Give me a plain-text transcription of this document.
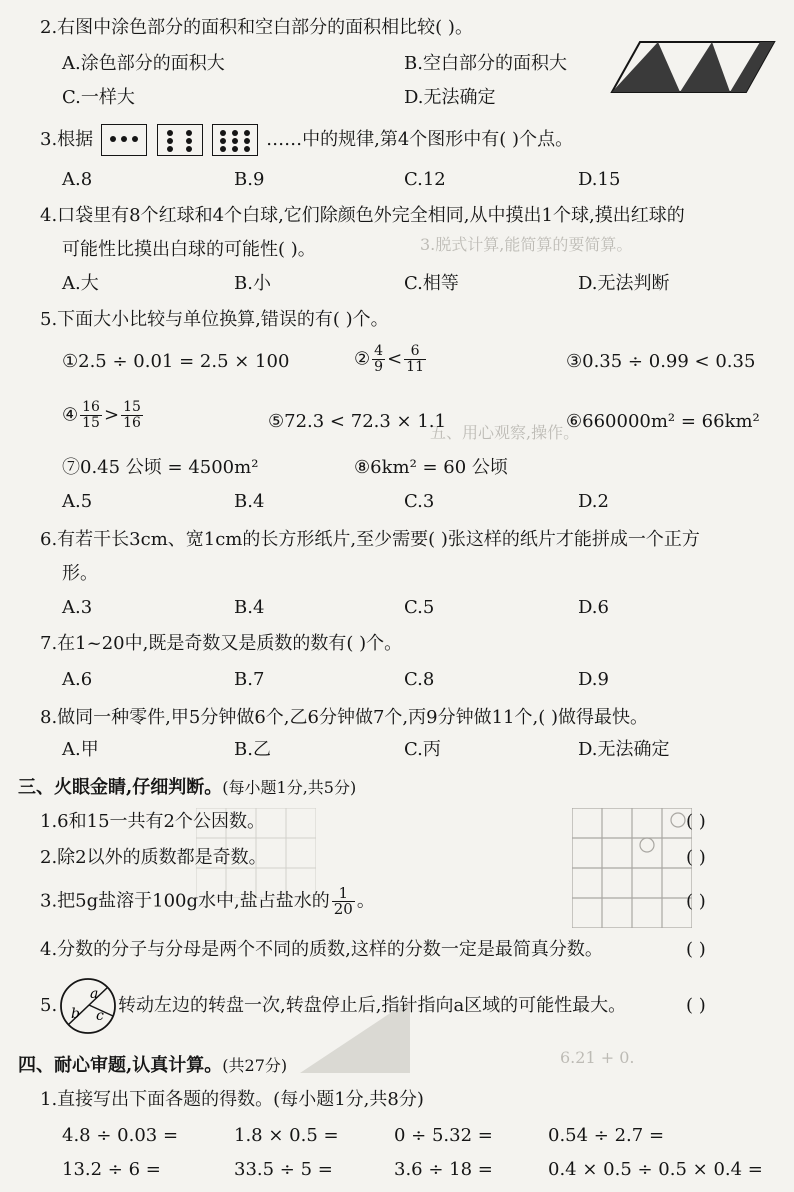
3.脱式计算,能简算的要简算。
五、用心观察,操作。
6.21 + 0.
2.右图中涂色部分的面积和空白部分的面积相比较( )。
A.涂色部分的面积大	B.空白部分的面积大
C.一样大	D.无法确定
3.根据

	……中的规律,第4个图形中有( )个点。
A.8	B.9	C.12	D.15
4.口袋里有8个红球和4个白球,它们除颜色外完全相同,从中摸出1个球,摸出红球的
可能性比摸出白球的可能性( )。
A.大	B.小	C.相等	D.无法判断
5.下面大小比较与单位换算,错误的有( )个。
①2.5 ÷ 0.01 = 2.5 × 100	② $\frac{4}{9} < \frac{6}{11}$	③0.35 ÷ 0.99 < 0.35
④ $\frac{16}{15} > \frac{15}{16}$	⑤72.3 < 72.3 × 1.1	⑥660000m² = 66km²
⑦0.45 公顷 = 4500m²	⑧6km² = 60 公顷
A.5	B.4	C.3	D.2
6.有若干长3cm、宽1cm的长方形纸片,至少需要( )张这样的纸片才能拼成一个正方
形。
A.3	B.4	C.5	D.6
7.在1~20中,既是奇数又是质数的数有( )个。
A.6	B.7	C.8	D.9
8.做同一种零件,甲5分钟做6个,乙6分钟做7个,丙9分钟做11个,( )做得最快。
A.甲	B.乙	C.丙	D.无法确定
三、火眼金睛,仔细判断。(每小题1分,共5分)
1.6和15一共有2个公因数。	( )
2.除2以外的质数都是奇数。	( )
3.把5g盐溶于100g水中,盐占盐水的 $\frac{1}{20}$ 。	( )
4.分数的分子与分母是两个不同的质数,这样的分数一定是最简真分数。	( )
5.
a
b c 转动左边的转盘一次,转盘停止后,指针指向a区域的可能性最大。	( )
四、耐心审题,认真计算。(共27分)
1.直接写出下面各题的得数。(每小题1分,共8分)
4.8 ÷ 0.03 =	1.8 × 0.5 =	0 ÷ 5.32 =	0.54 ÷ 2.7 =
13.2 ÷ 6 =	33.5 ÷ 5 =	3.6 ÷ 18 =	0.4 × 0.5 ÷ 0.5 × 0.4 =
